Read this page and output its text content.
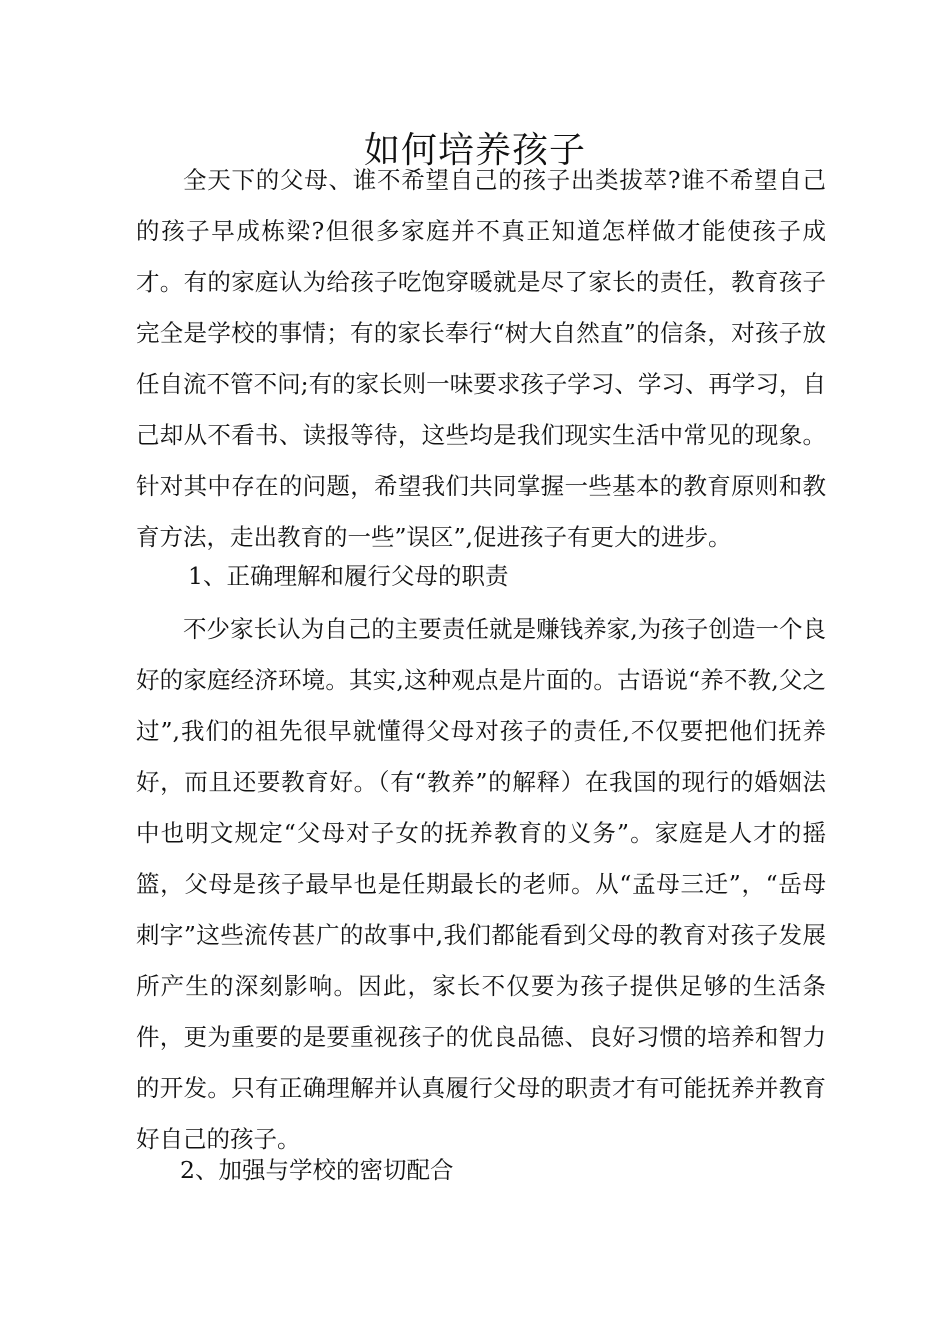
如何培养孩子

全天下的父母、谁不希望自己的孩子出类拔萃?谁不希望自己的孩子早成栋梁?但很多家庭并不真正知道怎样做才能使孩子成才。有的家庭认为给孩子吃饱穿暖就是尽了家长的责任，教育孩子完全是学校的事情；有的家长奉行“树大自然直”的信条，对孩子放任自流不管不问;有的家长则一味要求孩子学习、学习、再学习，自己却从不看书、读报等待，这些均是我们现实生活中常见的现象。针对其中存在的问题，希望我们共同掌握一些基本的教育原则和教育方法，走出教育的一些”误区”,促进孩子有更大的进步。

1、正确理解和履行父母的职责

不少家长认为自己的主要责任就是赚钱养家,为孩子创造一个良好的家庭经济环境。其实,这种观点是片面的。古语说“养不教,父之过”,我们的祖先很早就懂得父母对孩子的责任,不仅要把他们抚养好，而且还要教育好。（有“教养”的解释）在我国的现行的婚姻法中也明文规定“父母对子女的抚养教育的义务”。家庭是人才的摇篮，父母是孩子最早也是任期最长的老师。从“孟母三迁”，“岳母刺字”这些流传甚广的故事中,我们都能看到父母的教育对孩子发展所产生的深刻影响。因此，家长不仅要为孩子提供足够的生活条件，更为重要的是要重视孩子的优良品德、良好习惯的培养和智力的开发。只有正确理解并认真履行父母的职责才有可能抚养并教育好自己的孩子。

2、加强与学校的密切配合
